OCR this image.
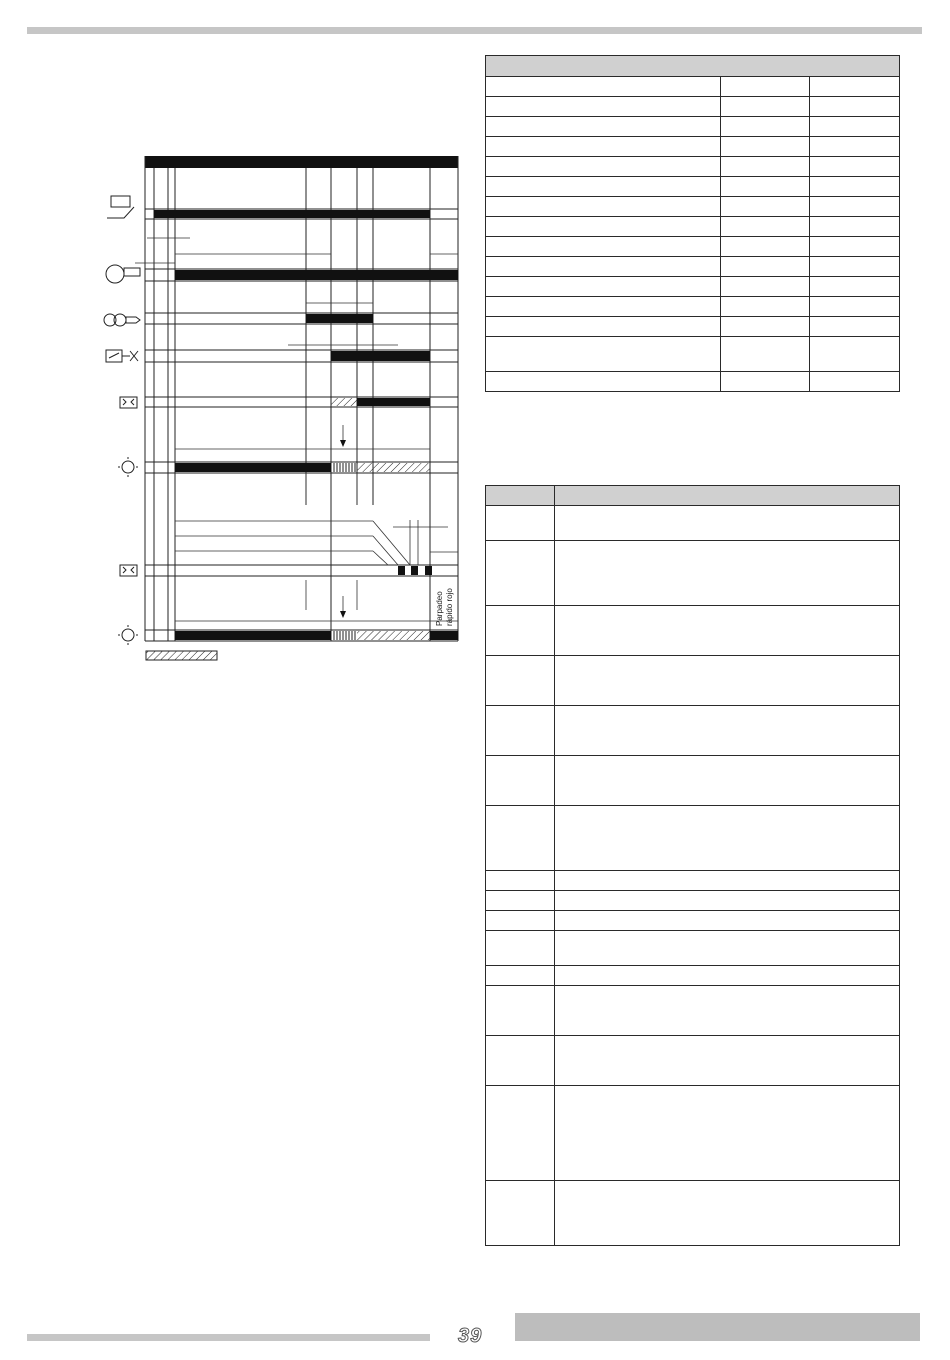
Parpadeo rápido rojo

39
